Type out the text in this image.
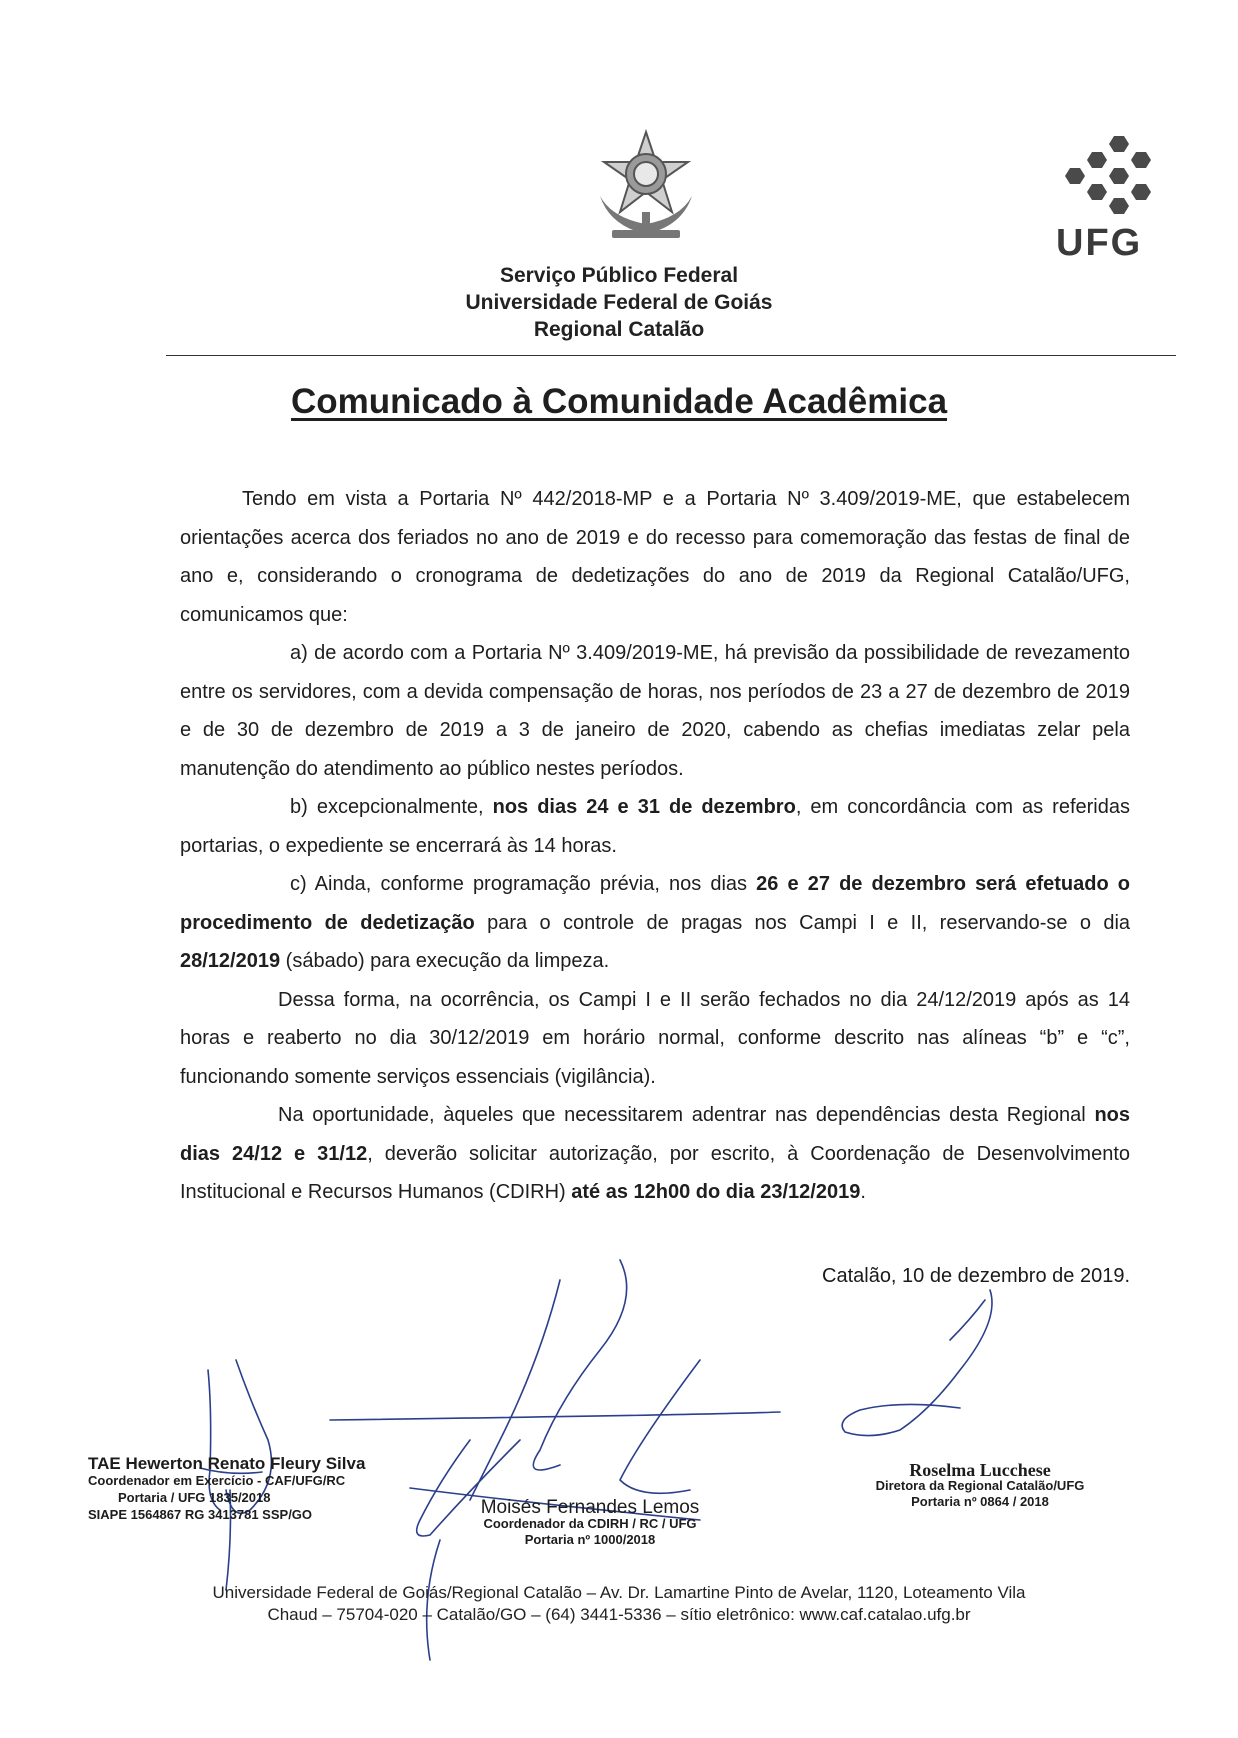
UFG
Serviço Público Federal
Universidade Federal de Goiás
Regional Catalão
Comunicado à Comunidade Acadêmica

Tendo em vista a Portaria Nº 442/2018-MP e a Portaria Nº 3.409/2019-ME, que estabelecem orientações acerca dos feriados no ano de 2019 e do recesso para comemoração das festas de final de ano e, considerando o cronograma de dedetizações do ano de 2019 da Regional Catalão/UFG, comunicamos que:

a) de acordo com a Portaria Nº 3.409/2019-ME, há previsão da possibilidade de revezamento entre os servidores, com a devida compensação de horas, nos períodos de 23 a 27 de dezembro de 2019 e de 30 de dezembro de 2019 a 3 de janeiro de 2020, cabendo as chefias imediatas zelar pela manutenção do atendimento ao público nestes períodos.

b) excepcionalmente, nos dias 24 e 31 de dezembro, em concordância com as referidas portarias, o expediente se encerrará às 14 horas.

c) Ainda, conforme programação prévia, nos dias 26 e 27 de dezembro será efetuado o procedimento de dedetização para o controle de pragas nos Campi I e II, reservando-se o dia 28/12/2019 (sábado) para execução da limpeza.

Dessa forma, na ocorrência, os Campi I e II serão fechados no dia 24/12/2019 após as 14 horas e reaberto no dia 30/12/2019 em horário normal, conforme descrito nas alíneas “b” e “c”, funcionando somente serviços essenciais (vigilância).

Na oportunidade, àqueles que necessitarem adentrar nas dependências desta Regional nos dias 24/12 e 31/12, deverão solicitar autorização, por escrito, à Coordenação de Desenvolvimento Institucional e Recursos Humanos (CDIRH) até as 12h00 do dia 23/12/2019.

Catalão, 10 de dezembro de 2019.
TAE Hewerton Renato Fleury Silva
Coordenador em Exercício - CAF/UFG/RC
Portaria / UFG 1835/2018
SIAPE 1564867 RG 3413781 SSP/GO	Moisés Fernandes Lemos
Coordenador da CDIRH / RC / UFG
Portaria nº 1000/2018
Roselma Lucchese
Diretora da Regional Catalão/UFG
Portaria nº 0864 / 2018
Universidade Federal de Goiás/Regional Catalão – Av. Dr. Lamartine Pinto de Avelar, 1120, Loteamento Vila
Chaud – 75704-020 – Catalão/GO – (64) 3441-5336 – sítio eletrônico: www.caf.catalao.ufg.br
